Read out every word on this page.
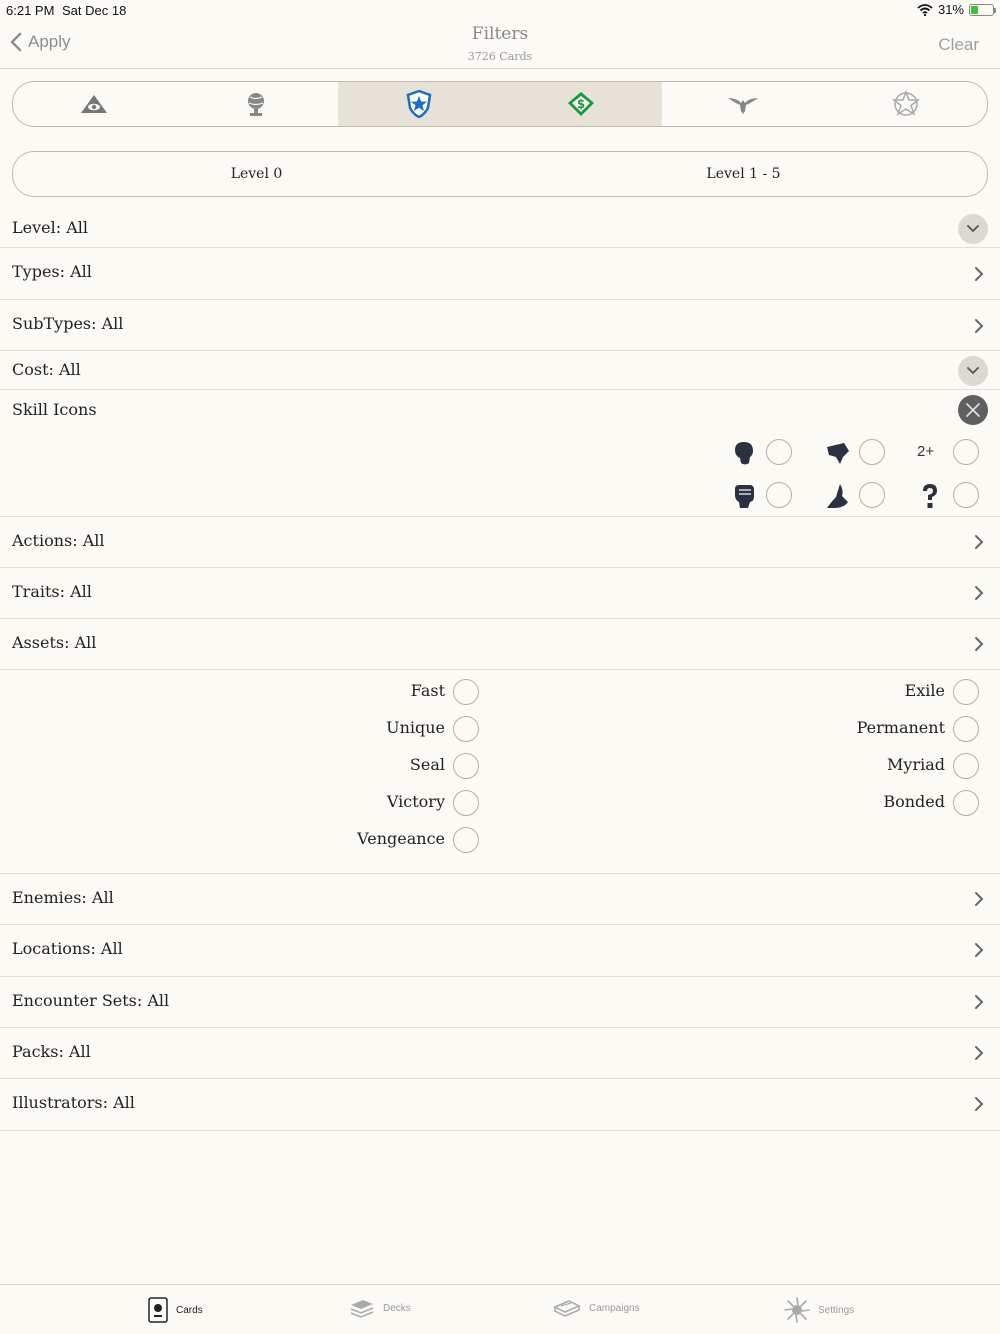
6:21 PM Sat Dec 18	31%
Apply	Filters
3726 Cards
Clear
$
Level 0	Level 1 - 5
Level: All
Types: All
SubTypes: All
Cost: All
Skill Icons
2+
Actions: All
Traits: All
Assets: All
Fast
Unique
Seal
Victory
Vengeance
Exile
Permanent
Myriad
Bonded
Enemies: All
Locations: All
Encounter Sets: All
Packs: All
Illustrators: All
Cards	Decks	Campaigns	Settings
